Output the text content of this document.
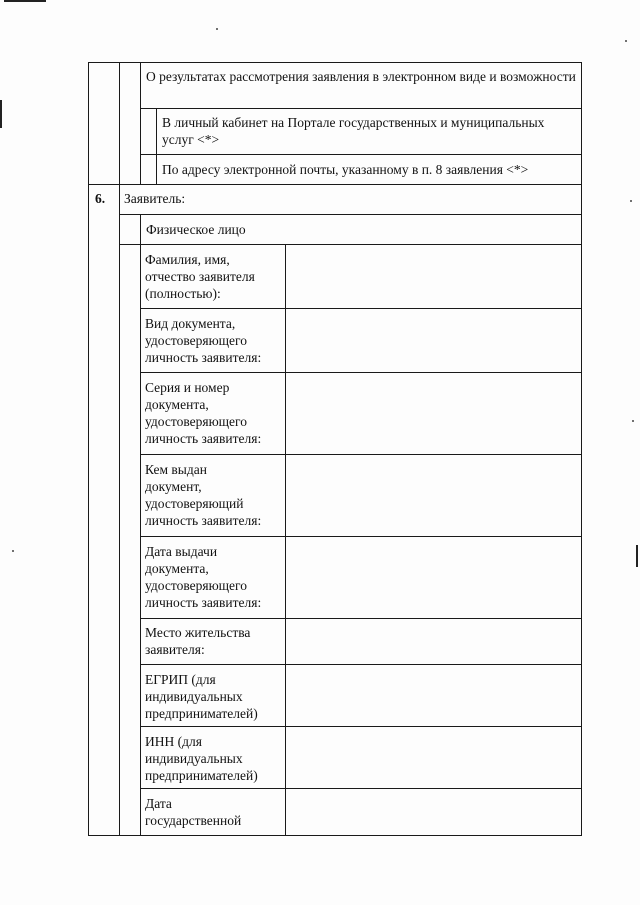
О результатах рассмотрения заявления в электронном виде и возможности
В личный кабинет на Портале государственных и муниципальных услуг <*>
По адресу электронной почты, указанному в п. 8 заявления <*>
6.	Заявитель:
Физическое лицо
Фамилия, имя,
отчество заявителя
(полностью):
Вид документа,
удостоверяющего
личность заявителя:
Серия и номер
документа,
удостоверяющего
личность заявителя:
Кем выдан
документ,
удостоверяющий
личность заявителя:
Дата выдачи
документа,
удостоверяющего
личность заявителя:
Место жительства
заявителя:
ЕГРИП (для
индивидуальных
предпринимателей)
ИНН (для
индивидуальных
предпринимателей)
Дата
государственной
